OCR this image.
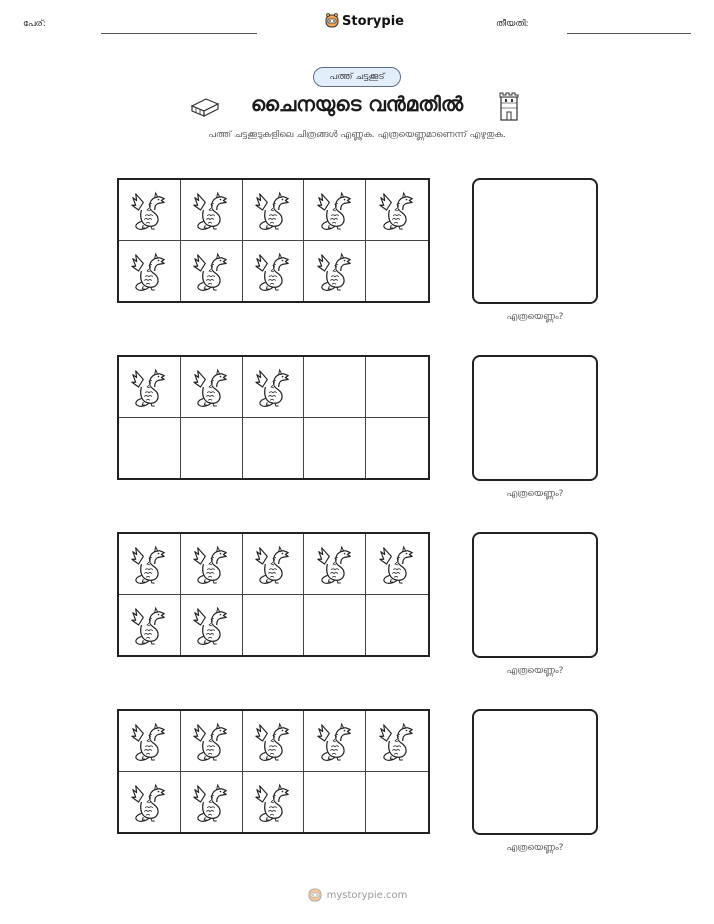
പേര്:	Storypie	തീയതി:
പത്ത് ചട്ടക്കൂട്
ചൈനയുടെ വൻമതിൽ
പത്ത് ചട്ടക്കൂടുകളിലെ ചിത്രങ്ങൾ എണ്ണുക. എത്രയെണ്ണമാണെന്ന് എഴുതുക.
എത്രയെണ്ണം?
എത്രയെണ്ണം?
എത്രയെണ്ണം?
എത്രയെണ്ണം?
mystorypie.com
